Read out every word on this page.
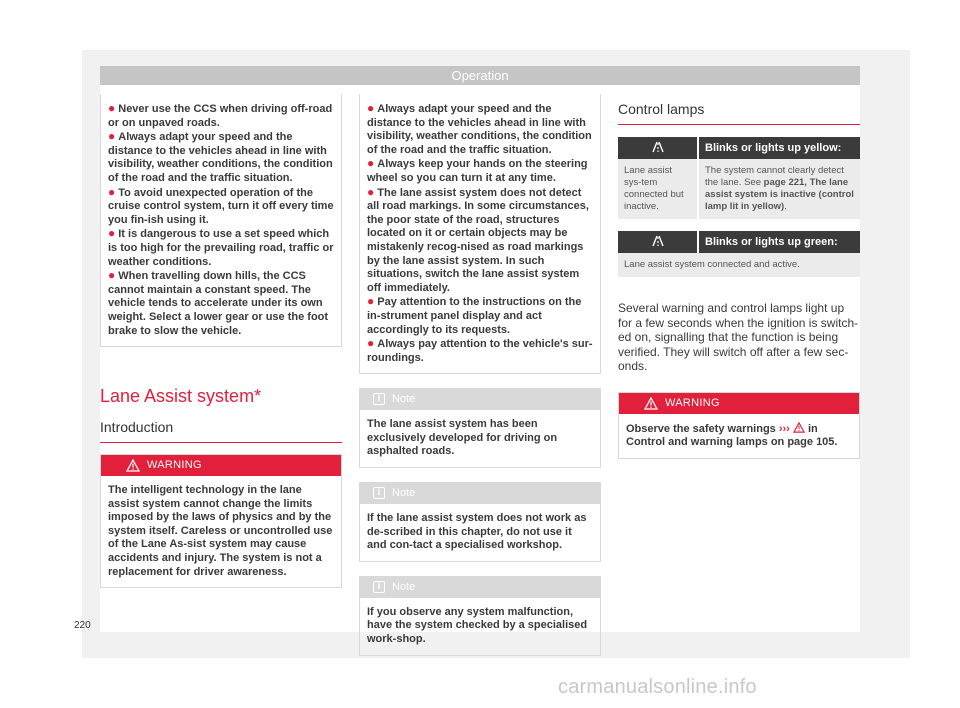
Operation
● Never use the CCS when driving off-road or on unpaved roads.
● Always adapt your speed and the distance to the vehicles ahead in line with visibility, weather conditions, the condition of the road and the traffic situation.
● To avoid unexpected operation of the cruise control system, turn it off every time you fin-ish using it.
● It is dangerous to use a set speed which is too high for the prevailing road, traffic or weather conditions.
● When travelling down hills, the CCS cannot maintain a constant speed. The vehicle tends to accelerate under its own weight. Select a lower gear or use the foot brake to slow the vehicle.
Lane Assist system*
Introduction
WARNING
The intelligent technology in the lane assist system cannot change the limits imposed by the laws of physics and by the system itself. Careless or uncontrolled use of the Lane As-sist system may cause accidents and injury. The system is not a replacement for driver awareness.
● Always adapt your speed and the distance to the vehicles ahead in line with visibility, weather conditions, the condition of the road and the traffic situation.
● Always keep your hands on the steering wheel so you can turn it at any time.
● The lane assist system does not detect all road markings. In some circumstances, the poor state of the road, structures located on it or certain objects may be mistakenly recog-nised as road markings by the lane assist system. In such situations, switch the lane assist system off immediately.
● Pay attention to the instructions on the in-strument panel display and act accordingly to its requests.
● Always pay attention to the vehicle's sur-roundings.
i	Note
The lane assist system has been exclusively developed for driving on asphalted roads.
i	Note
If the lane assist system does not work as de-scribed in this chapter, do not use it and con-tact a specialised workshop.
i	Note
If you observe any system malfunction, have the system checked by a specialised work-shop.
Control lamps
	Blinks or lights up yellow:
Lane assist sys-tem connected but inactive.	The system cannot clearly detect the lane. See page 221, The lane assist system is inactive (control lamp lit in yellow).
	Blinks or lights up green:
Lane assist system connected and active.
Several warning and control lamps light up for a few seconds when the ignition is switch-ed on, signalling that the function is being verified. They will switch off after a few sec-onds.
WARNING
Observe the safety warnings ›››  in Control and warning lamps on page 105.
220
carmanualsonline.info
